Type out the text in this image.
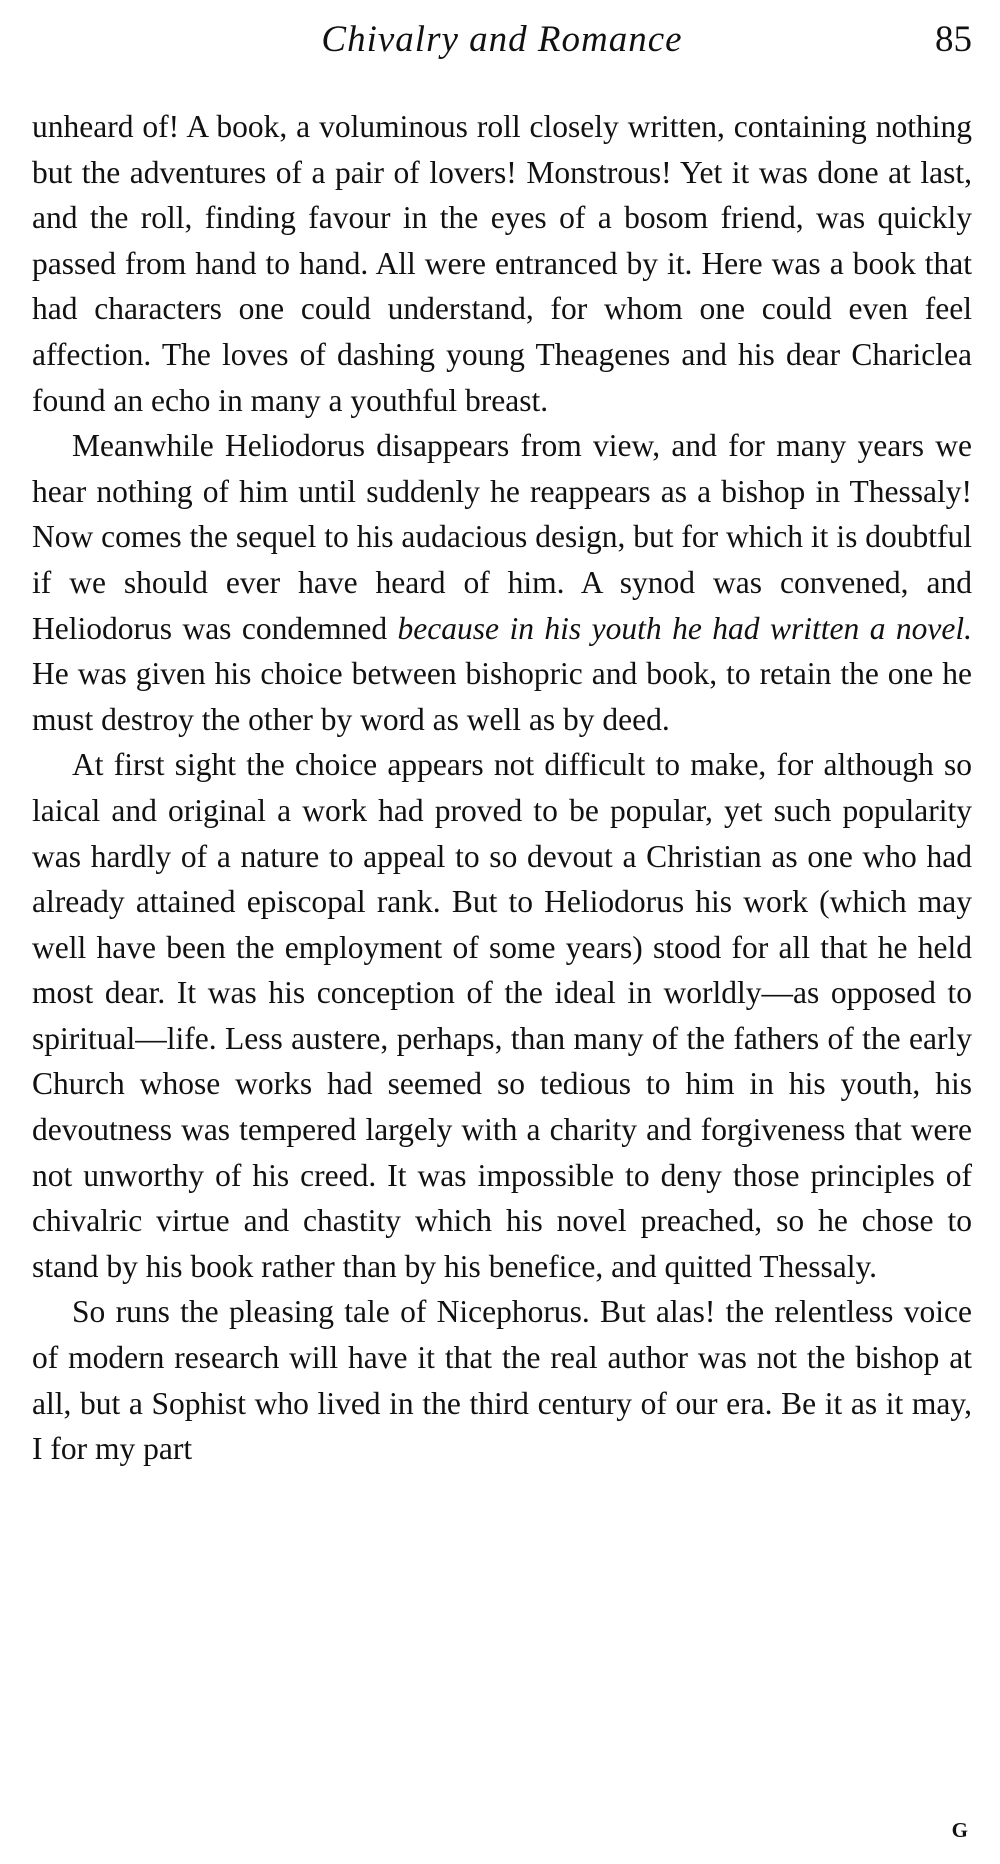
Chivalry and Romance	85

unheard of! A book, a voluminous roll closely written, containing nothing but the adventures of a pair of lovers! Monstrous! Yet it was done at last, and the roll, finding favour in the eyes of a bosom friend, was quickly passed from hand to hand. All were entranced by it. Here was a book that had characters one could understand, for whom one could even feel affection. The loves of dashing young Theagenes and his dear Chariclea found an echo in many a youthful breast.

Meanwhile Heliodorus disappears from view, and for many years we hear nothing of him until suddenly he reappears as a bishop in Thessaly! Now comes the sequel to his audacious design, but for which it is doubtful if we should ever have heard of him. A synod was convened, and Heliodorus was condemned because in his youth he had written a novel. He was given his choice between bishopric and book, to retain the one he must destroy the other by word as well as by deed.

At first sight the choice appears not difficult to make, for although so laical and original a work had proved to be popular, yet such popularity was hardly of a nature to appeal to so devout a Christian as one who had already attained episcopal rank. But to Heliodorus his work (which may well have been the employment of some years) stood for all that he held most dear. It was his conception of the ideal in worldly—as opposed to spiritual—life. Less austere, perhaps, than many of the fathers of the early Church whose works had seemed so tedious to him in his youth, his devoutness was tempered largely with a charity and forgiveness that were not unworthy of his creed. It was impossible to deny those principles of chivalric virtue and chastity which his novel preached, so he chose to stand by his book rather than by his benefice, and quitted Thessaly.

So runs the pleasing tale of Nicephorus. But alas! the relentless voice of modern research will have it that the real author was not the bishop at all, but a Sophist who lived in the third century of our era. Be it as it may, I for my part

G
